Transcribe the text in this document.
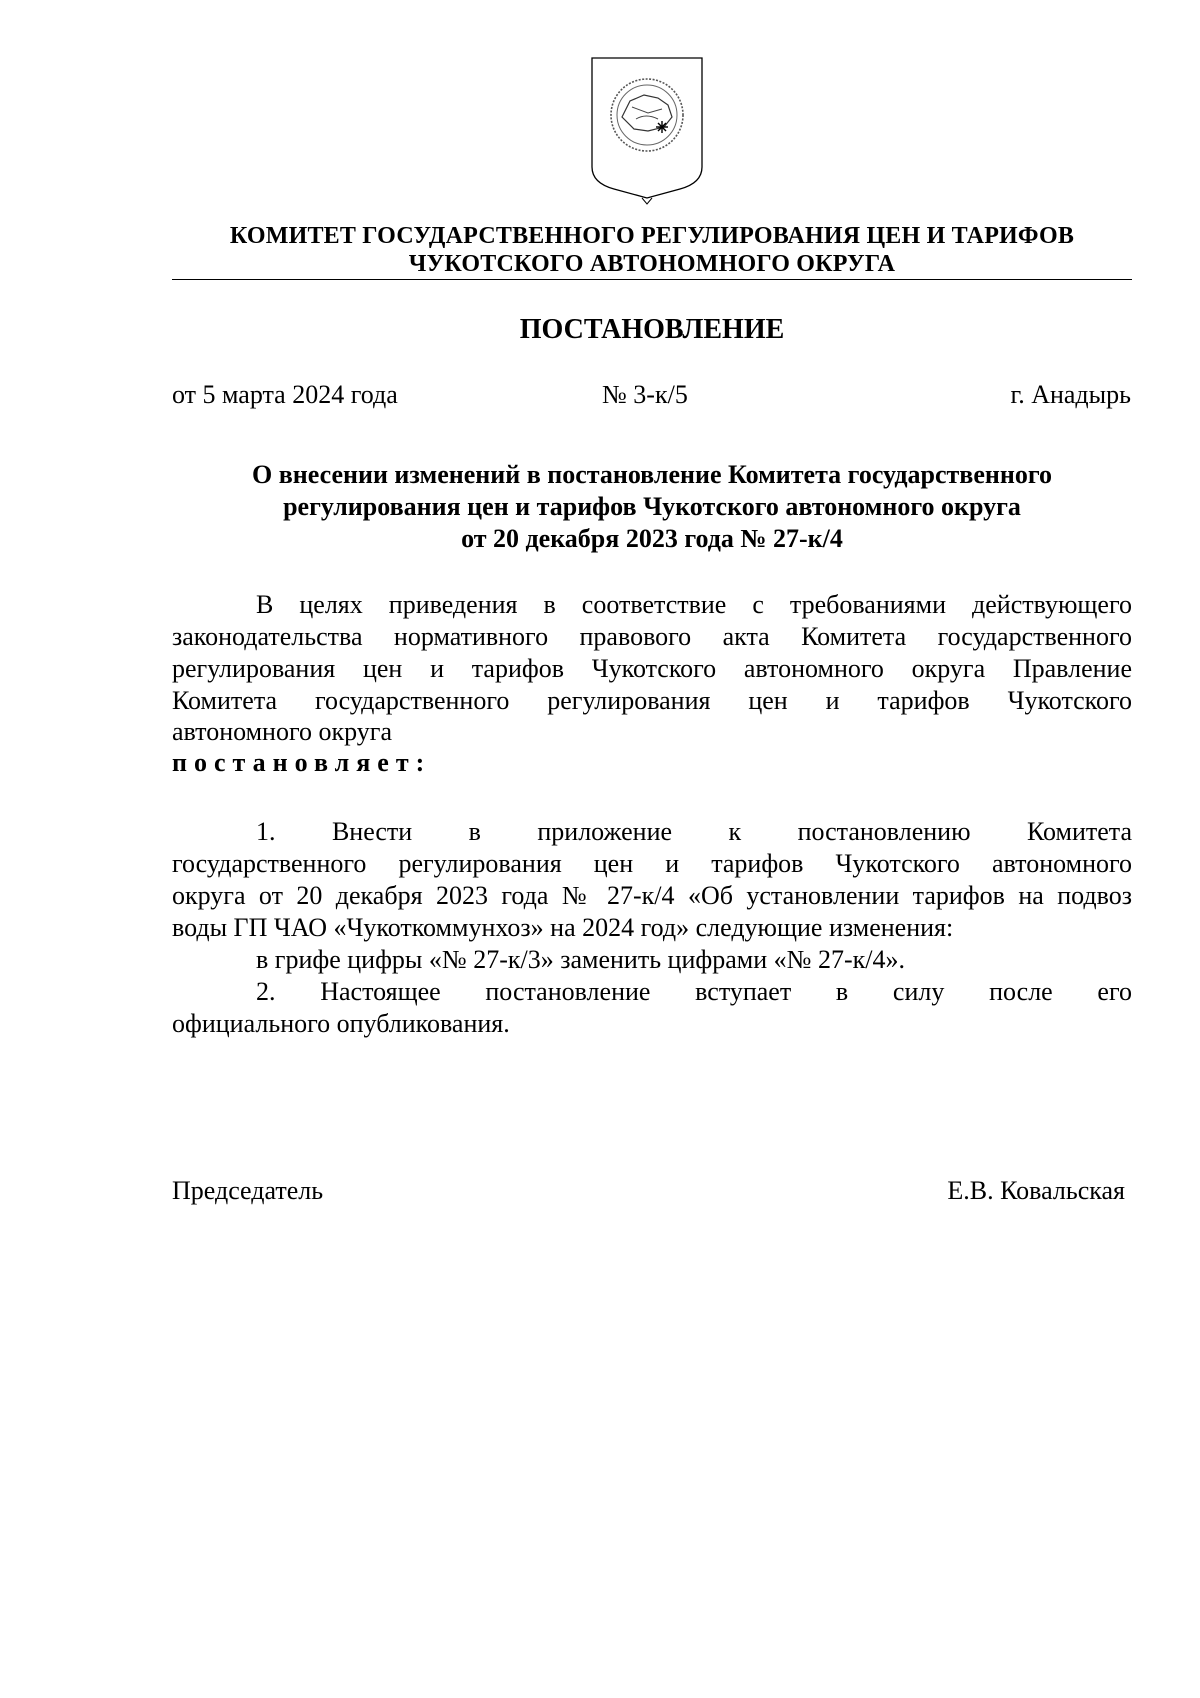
КОМИТЕТ ГОСУДАРСТВЕННОГО РЕГУЛИРОВАНИЯ ЦЕН И ТАРИФОВ
ЧУКОТСКОГО АВТОНОМНОГО ОКРУГА
ПОСТАНОВЛЕНИЕ
от 5 марта 2024 года	№ 3-к/5	г. Анадырь
О внесении изменений в постановление Комитета государственного
регулирования цен и тарифов Чукотского автономного округа
от 20 декабря 2023 года № 27-к/4
В целях приведения в соответствие с требованиями действующего
законодательства нормативного правового акта Комитета государственного
регулирования цен и тарифов Чукотского автономного округа Правление
Комитета государственного регулирования цен и тарифов Чукотского
автономного округа
постановляет:
1. Внести в приложение к постановлению Комитета
государственного регулирования цен и тарифов Чукотского автономного
округа от 20 декабря 2023 года № 27-к/4 «Об установлении тарифов на подвоз
воды ГП ЧАО «Чукоткоммунхоз» на 2024 год» следующие изменения:
в грифе цифры «№ 27-к/3» заменить цифрами «№ 27-к/4».
2. Настоящее постановление вступает в силу после его
официального опубликования.
Председатель	Е.В. Ковальская
